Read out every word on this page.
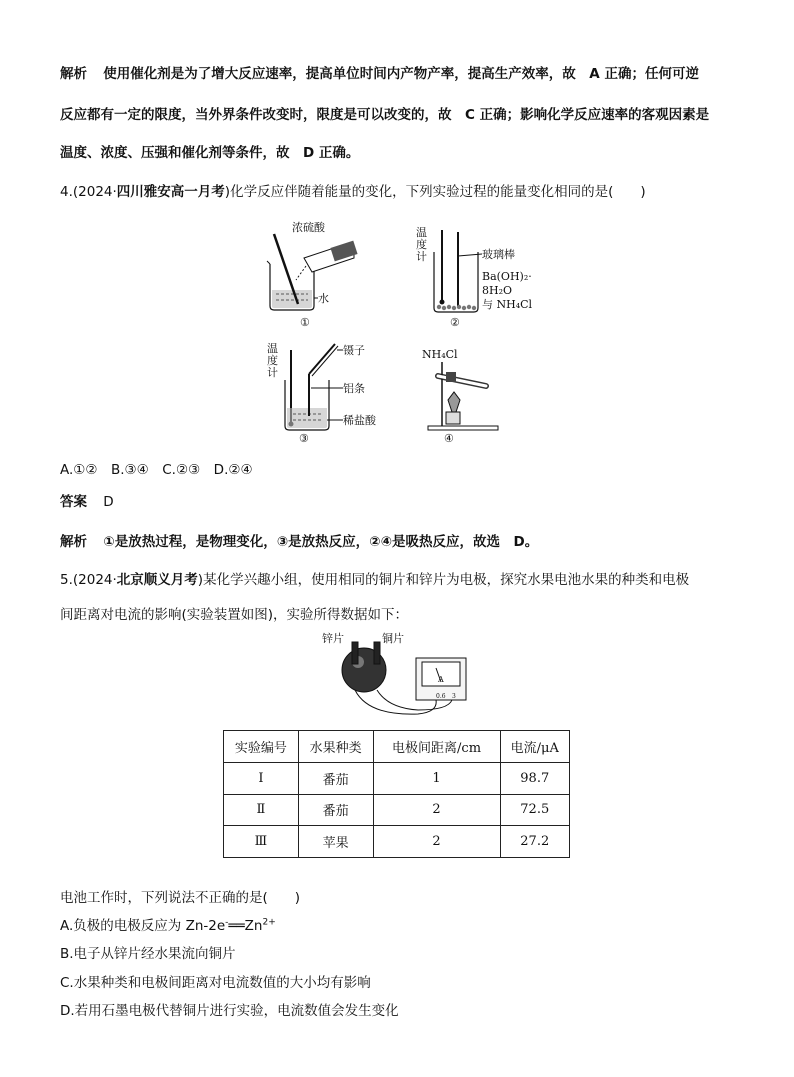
解析 使用催化剂是为了增大反应速率，提高单位时间内产物产率，提高生产效率，故　A 正确；任何可逆
反应都有一定的限度，当外界条件改变时，限度是可以改变的，故　C 正确；影响化学反应速率的客观因素是
温度、浓度、压强和催化剂等条件，故　D 正确。
4.(2024·四川雅安高一月考)化学反应伴随着能量的变化，下列实验过程的能量变化相同的是(　　)
浓硫酸
水
①
温
度
计	玻璃棒
Ba(OH)₂·
8H₂O
与 NH₄Cl
②
温
度
计
镊子
铝条
稀盐酸
③
NH₄Cl
④
A.①②　B.③④　C.②③　D.②④
答案 D
解析 ①是放热过程，是物理变化，③是放热反应，②④是吸热反应，故选　D。
5.(2024·北京顺义月考)某化学兴趣小组，使用相同的铜片和锌片为电极，探究水果电池水果的种类和电极
间距离对电流的影响(实验装置如图)，实验所得数据如下：
锌片	铜片
A
0.6 3
实验编号	水果种类	电极间距离/cm	电流/μA
Ⅰ	番茄	1	98.7
Ⅱ	番茄	2	72.5
Ⅲ	苹果	2	27.2
电池工作时，下列说法不正确的是(　　)
A.负极的电极反应为 $Zn-2e^-══Zn^{2+}$
B.电子从锌片经水果流向铜片
C.水果种类和电极间距离对电流数值的大小均有影响
D.若用石墨电极代替铜片进行实验，电流数值会发生变化
